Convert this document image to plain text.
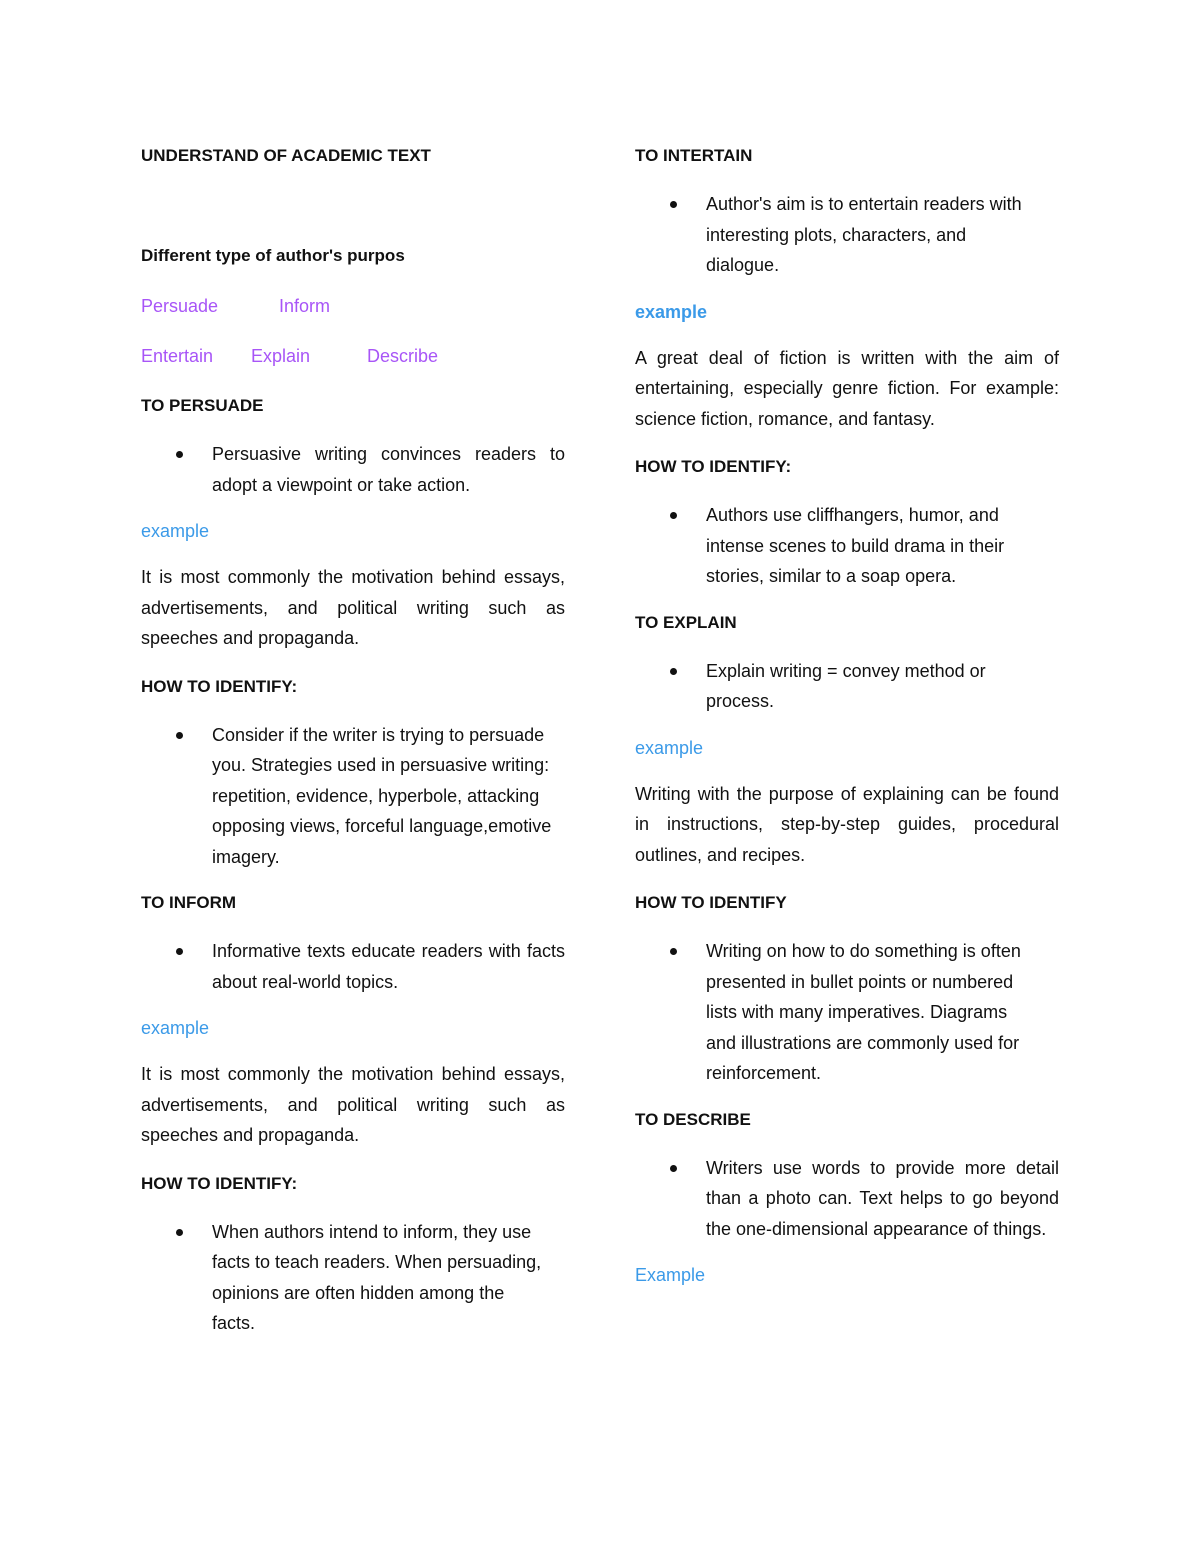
UNDERSTAND OF ACADEMIC TEXT

Different type of author's purpos

Persuade	Inform
Entertain Explain	Describe

TO PERSUADE

Persuasive writing convinces readers to adopt a viewpoint or take action.

example

It is most commonly the motivation behind essays, advertisements, and political writing such as speeches and propaganda.

HOW TO IDENTIFY:

Consider if the writer is trying to persuade you. Strategies used in persuasive writing: repetition, evidence, hyperbole, attacking opposing views, forceful language,emotive imagery.

TO INFORM

Informative texts educate readers with facts about real-world topics.

example

It is most commonly the motivation behind essays, advertisements, and political writing such as speeches and propaganda.

HOW TO IDENTIFY:

When authors intend to inform, they use facts to teach readers. When persuading, opinions are often hidden among the facts.

TO INTERTAIN

Author's aim is to entertain readers with interesting plots, characters, and dialogue.

example

A great deal of fiction is written with the aim of entertaining, especially genre fiction. For example: science fiction, romance, and fantasy.

HOW TO IDENTIFY:

Authors use cliffhangers, humor, and intense scenes to build drama in their stories, similar to a soap opera.

TO EXPLAIN

Explain writing = convey method or process.

example

Writing with the purpose of explaining can be found in instructions, step-by-step guides, procedural outlines, and recipes.

HOW TO IDENTIFY

Writing on how to do something is often presented in bullet points or numbered lists with many imperatives. Diagrams and illustrations are commonly used for reinforcement.

TO DESCRIBE

Writers use words to provide more detail than a photo can. Text helps to go beyond the one-dimensional appearance of things.

Example
